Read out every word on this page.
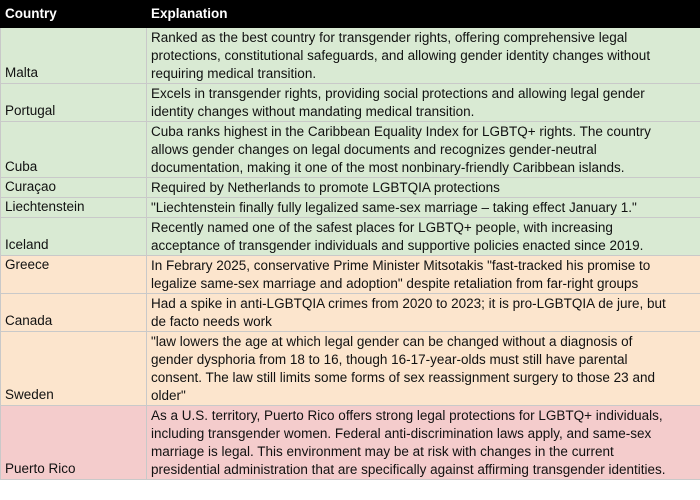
Country	Explanation
Malta	Ranked as the best country for transgender rights, offering comprehensive legal
protections, constitutional safeguards, and allowing gender identity changes without
requiring medical transition.

Portugal	Excels in transgender rights, providing social protections and allowing legal gender
identity changes without mandating medical transition.

Cuba	Cuba ranks highest in the Caribbean Equality Index for LGBTQ+ rights. The country
allows gender changes on legal documents and recognizes gender-neutral
documentation, making it one of the most nonbinary-friendly Caribbean islands.

Curaçao	Required by Netherlands to promote LGBTQIA protections

Liechtenstein	"Liechtenstein finally fully legalized same-sex marriage – taking effect January 1."

Iceland	Recently named one of the safest places for LGBTQ+ people, with increasing
acceptance of transgender individuals and supportive policies enacted since 2019.

Greece	In Febrary 2025, conservative Prime Minister Mitsotakis "fast-tracked his promise to
legalize same-sex marriage and adoption" despite retaliation from far-right groups

Canada	Had a spike in anti-LGBTQIA crimes from 2020 to 2023; it is pro-LGBTQIA de jure, but
de facto needs work

Sweden	"law lowers the age at which legal gender can be changed without a diagnosis of
gender dysphoria from 18 to 16, though 16-17-year-olds must still have parental
consent. The law still limits some forms of sex reassignment surgery to those 23 and
older"

Puerto Rico	As a U.S. territory, Puerto Rico offers strong legal protections for LGBTQ+ individuals,
including transgender women. Federal anti-discrimination laws apply, and same-sex
marriage is legal. This environment may be at risk with changes in the current
presidential administration that are specifically against affirming transgender identities.
